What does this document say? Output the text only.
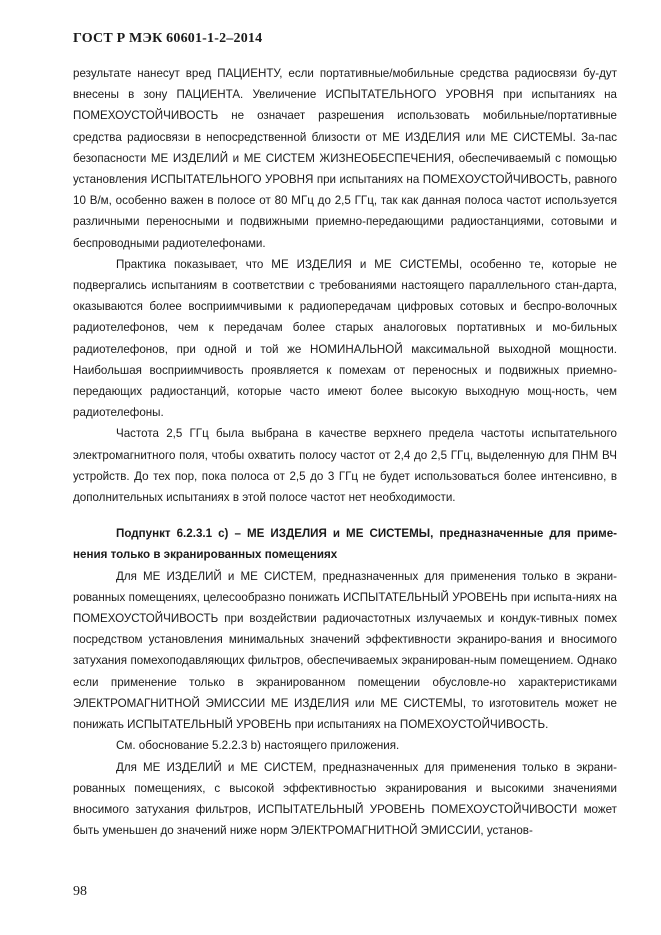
ГОСТ Р МЭК 60601-1-2–2014

результате нанесут вред ПАЦИЕНТУ, если портативные/мобильные средства радиосвязи бу-дут внесены в зону ПАЦИЕНТА. Увеличение ИСПЫТАТЕЛЬНОГО УРОВНЯ при испытаниях на ПОМЕХОУСТОЙЧИВОСТЬ не означает разрешения использовать мобильные/портативные средства радиосвязи в непосредственной близости от МЕ ИЗДЕЛИЯ или МЕ СИСТЕМЫ. За-пас безопасности МЕ ИЗДЕЛИЙ и МЕ СИСТЕМ ЖИЗНЕОБЕСПЕЧЕНИЯ, обеспечиваемый с помощью установления ИСПЫТАТЕЛЬНОГО УРОВНЯ при испытаниях на ПОМЕХОУСТОЙЧИВОСТЬ, равного 10 В/м, особенно важен в полосе от 80 МГц до 2,5 ГГц, так как данная полоса частот используется различными переносными и подвижными приемно-передающими радиостанциями, сотовыми и беспроводными радиотелефонами.

Практика показывает, что МЕ ИЗДЕЛИЯ и МЕ СИСТЕМЫ, особенно те, которые не подвергались испытаниям в соответствии с требованиями настоящего параллельного стан-дарта, оказываются более восприимчивыми к радиопередачам цифровых сотовых и беспро-волочных радиотелефонов, чем к передачам более старых аналоговых портативных и мо-бильных радиотелефонов, при одной и той же НОМИНАЛЬНОЙ максимальной выходной мощности. Наибольшая восприимчивость проявляется к помехам от переносных и подвижных приемно-передающих радиостанций, которые часто имеют более высокую выходную мощ-ность, чем радиотелефоны.

Частота 2,5 ГГц была выбрана в качестве верхнего предела частоты испытательного электромагнитного поля, чтобы охватить полосу частот от 2,4 до 2,5 ГГц, выделенную для ПНМ ВЧ устройств. До тех пор, пока полоса от 2,5 до 3 ГГц не будет использоваться более интенсивно, в дополнительных испытаниях в этой полосе частот нет необходимости.

Подпункт 6.2.3.1 с) – МЕ ИЗДЕЛИЯ и МЕ СИСТЕМЫ, предназначенные для приме-нения только в экранированных помещениях

Для МЕ ИЗДЕЛИЙ и МЕ СИСТЕМ, предназначенных для применения только в экрани-рованных помещениях, целесообразно понижать ИСПЫТАТЕЛЬНЫЙ УРОВЕНЬ при испыта-ниях на ПОМЕХОУСТОЙЧИВОСТЬ при воздействии радиочастотных излучаемых и кондук-тивных помех посредством установления минимальных значений эффективности экраниро-вания и вносимого затухания помехоподавляющих фильтров, обеспечиваемых экранирован-ным помещением. Однако если применение только в экранированном помещении обусловле-но характеристиками ЭЛЕКТРОМАГНИТНОЙ ЭМИССИИ МЕ ИЗДЕЛИЯ или МЕ СИСТЕМЫ, то изготовитель может не понижать ИСПЫТАТЕЛЬНЫЙ УРОВЕНЬ при испытаниях на ПОМЕХОУСТОЙЧИВОСТЬ.

См. обоснование 5.2.2.3 b) настоящего приложения.

Для МЕ ИЗДЕЛИЙ и МЕ СИСТЕМ, предназначенных для применения только в экрани-рованных помещениях, с высокой эффективностью экранирования и высокими значениями вносимого затухания фильтров, ИСПЫТАТЕЛЬНЫЙ УРОВЕНЬ ПОМЕХОУСТОЙЧИВОСТИ может быть уменьшен до значений ниже норм ЭЛЕКТРОМАГНИТНОЙ ЭМИССИИ, установ-

98
